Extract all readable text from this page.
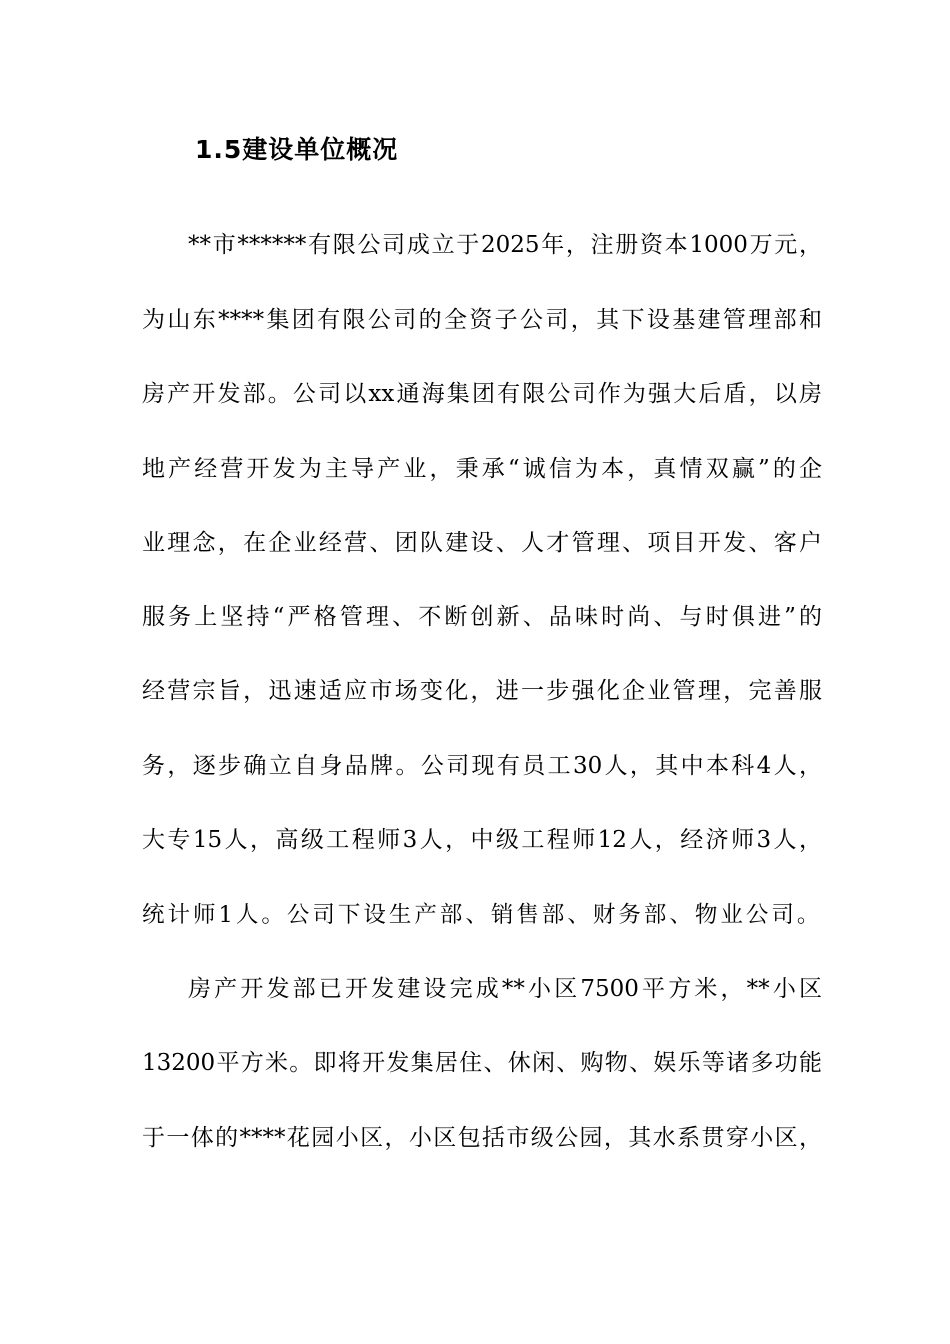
1.5建设单位概况
**市******有限公司成立于2025年，注册资本1000万元，
为山东****集团有限公司的全资子公司，其下设基建管理部和
房产开发部。公司以xx通海集团有限公司作为强大后盾，以房
地产经营开发为主导产业，秉承“诚信为本，真情双赢”的企
业理念，在企业经营、团队建设、人才管理、项目开发、客户
服务上坚持“严格管理、不断创新、品味时尚、与时俱进”的
经营宗旨，迅速适应市场变化，进一步强化企业管理，完善服
务，逐步确立自身品牌。公司现有员工30人，其中本科4人，
大专15人，高级工程师3人，中级工程师12人，经济师3人，
统计师1人。公司下设生产部、销售部、财务部、物业公司。
房产开发部已开发建设完成**小区7500平方米，**小区
13200平方米。即将开发集居住、休闲、购物、娱乐等诸多功能
于一体的****花园小区，小区包括市级公园，其水系贯穿小区，
